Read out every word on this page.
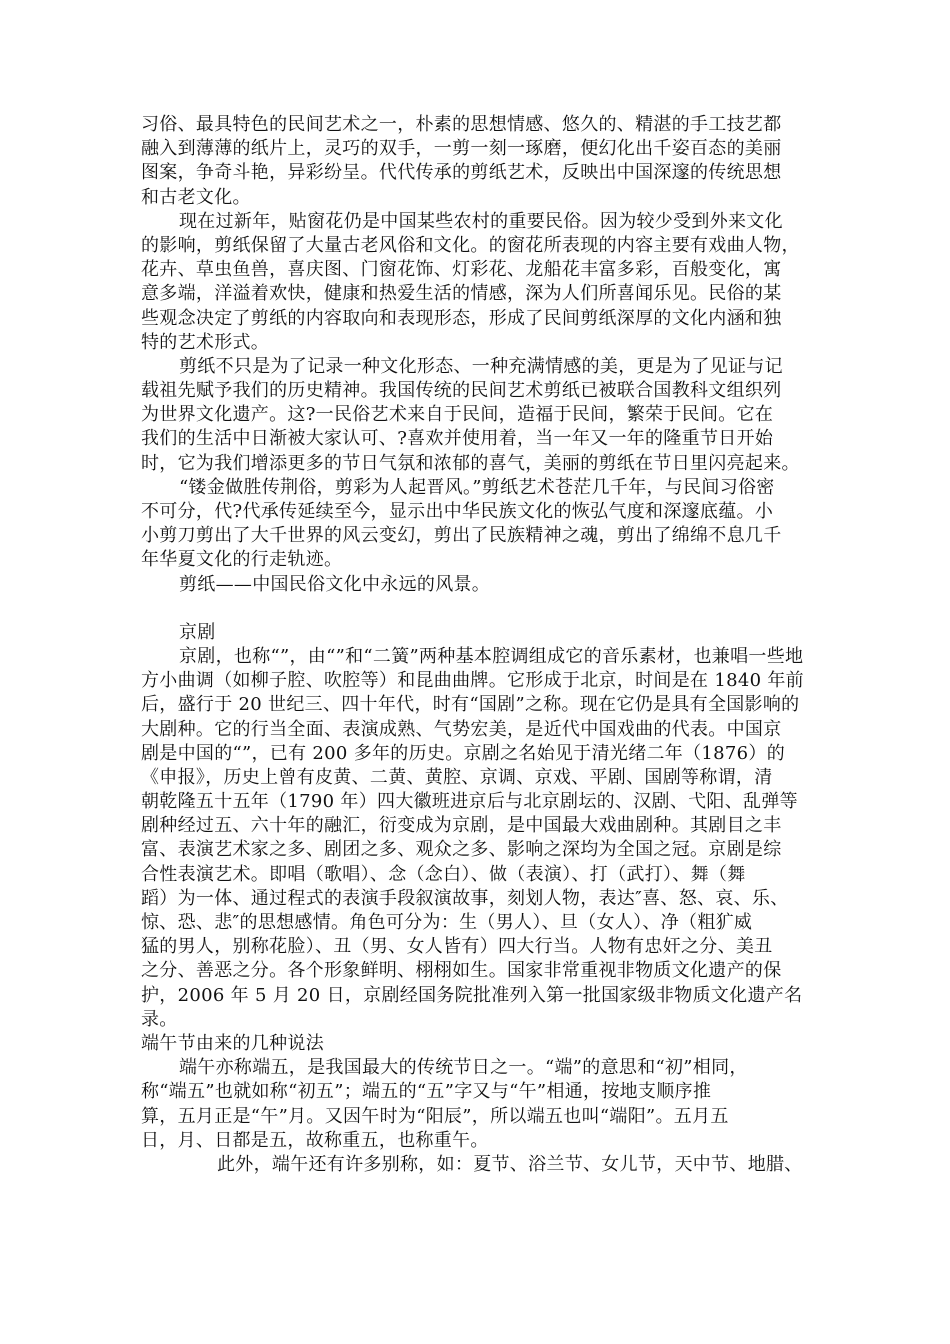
习俗、最具特色的民间艺术之一，朴素的思想情感、悠久的、精湛的手工技艺都
融入到薄薄的纸片上，灵巧的双手，一剪一刻一琢磨，便幻化出千姿百态的美丽
图案，争奇斗艳，异彩纷呈。代代传承的剪纸艺术，反映出中国深邃的传统思想
和古老文化。
现在过新年，贴窗花仍是中国某些农村的重要民俗。因为较少受到外来文化
的影响，剪纸保留了大量古老风俗和文化。的窗花所表现的内容主要有戏曲人物，
花卉、草虫鱼兽，喜庆图、门窗花饰、灯彩花、龙船花丰富多彩，百般变化，寓
意多端，洋溢着欢快，健康和热爱生活的情感，深为人们所喜闻乐见。民俗的某
些观念决定了剪纸的内容取向和表现形态，形成了民间剪纸深厚的文化内涵和独
特的艺术形式。
剪纸不只是为了记录一种文化形态、一种充满情感的美，更是为了见证与记
载祖先赋予我们的历史精神。我国传统的民间艺术剪纸已被联合国教科文组织列
为世界文化遗产。这?一民俗艺术来自于民间，造福于民间，繁荣于民间。它在
我们的生活中日渐被大家认可、?喜欢并使用着，当一年又一年的隆重节日开始
时，它为我们增添更多的节日气氛和浓郁的喜气，美丽的剪纸在节日里闪亮起来。
“镂金做胜传荆俗，剪彩为人起晋风。”剪纸艺术苍茫几千年，与民间习俗密
不可分，代?代承传延续至今，显示出中华民族文化的恢弘气度和深邃底蕴。小
小剪刀剪出了大千世界的风云变幻，剪出了民族精神之魂，剪出了绵绵不息几千
年华夏文化的行走轨迹。
剪纸——中国民俗文化中永远的风景。
京剧
京剧，也称“”，由“”和“二簧”两种基本腔调组成它的音乐素材，也兼唱一些地
方小曲调（如柳子腔、吹腔等）和昆曲曲牌。它形成于北京，时间是在 1840 年前
后，盛行于 20 世纪三、四十年代，时有“国剧”之称。现在它仍是具有全国影响的
大剧种。它的行当全面、表演成熟、气势宏美，是近代中国戏曲的代表。中国京
剧是中国的“”，已有 200 多年的历史。京剧之名始见于清光绪二年（1876）的
《申报》，历史上曾有皮黄、二黄、黄腔、京调、京戏、平剧、国剧等称谓，清
朝乾隆五十五年（1790 年）四大徽班进京后与北京剧坛的、汉剧、弋阳、乱弹等
剧种经过五、六十年的融汇，衍变成为京剧，是中国最大戏曲剧种。其剧目之丰
富、表演艺术家之多、剧团之多、观众之多、影响之深均为全国之冠。京剧是综
合性表演艺术。即唱（歌唱）、念（念白）、做（表演）、打（武打）、舞（舞
蹈）为一体、通过程式的表演手段叙演故事，刻划人物，表达″喜、怒、哀、乐、
惊、恐、悲″的思想感情。角色可分为：生（男人）、旦（女人）、净（粗犷威
猛的男人，别称花脸）、丑（男、女人皆有）四大行当。人物有忠奸之分、美丑
之分、善恶之分。各个形象鲜明、栩栩如生。国家非常重视非物质文化遗产的保
护，2006 年 5 月 20 日，京剧经国务院批准列入第一批国家级非物质文化遗产名
录。
端午节由来的几种说法
端午亦称端五，是我国最大的传统节日之一。“端”的意思和“初”相同，
称“端五”也就如称“初五”；端五的“五”字又与“午”相通，按地支顺序推
算，五月正是“午”月。又因午时为“阳辰”，所以端五也叫“端阳”。五月五
日，月、日都是五，故称重五，也称重午。
此外，端午还有许多别称，如：夏节、浴兰节、女儿节，天中节、地腊、
